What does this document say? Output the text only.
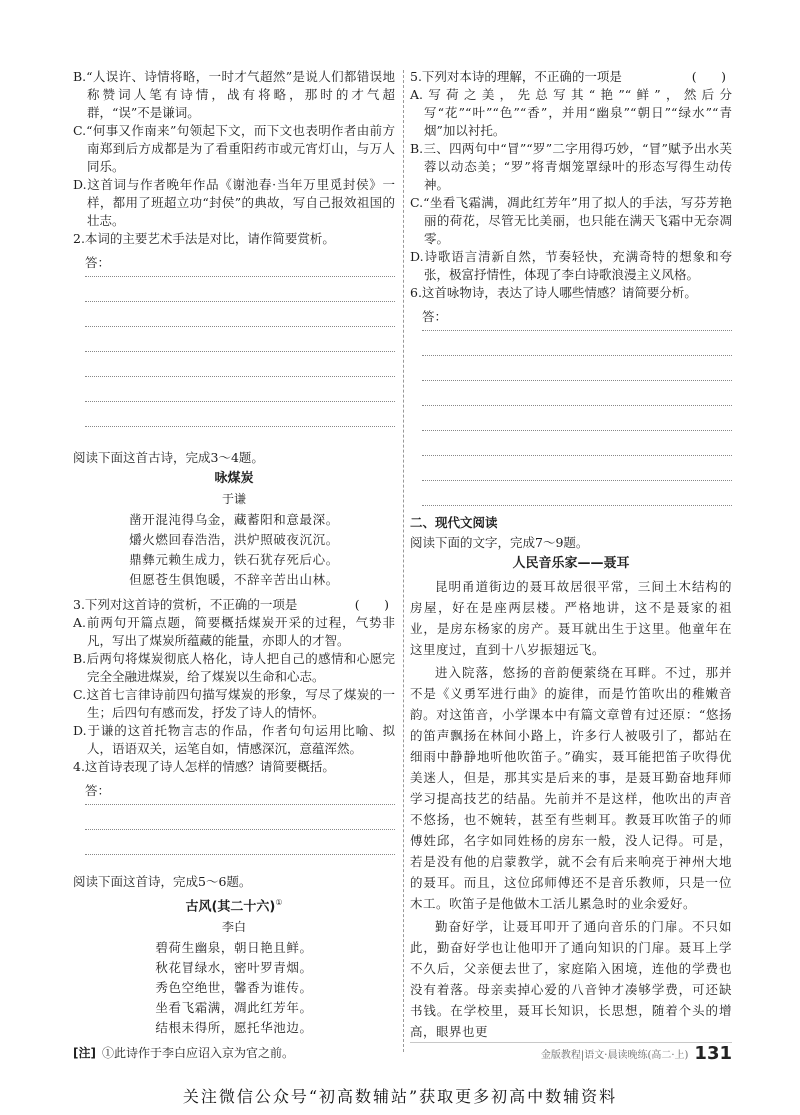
B.“人误许、诗情将略，一时才气超然”是说人们都错误地称赞词人笔有诗情，战有将略，那时的才气超群，“误”不是谦词。

C.“何事又作南来”句领起下文，而下文也表明作者由前方南郑到后方成都是为了看重阳药市或元宵灯山，与万人同乐。

D.这首词与作者晚年作品《谢池春·当年万里觅封侯》一样，都用了班超立功“封侯”的典故，写自己报效祖国的壮志。

2.本词的主要艺术手法是对比，请作简要赏析。

答：

阅读下面这首古诗，完成3～4题。

咏煤炭
于谦
凿开混沌得乌金，藏蓄阳和意最深。
爝火燃回春浩浩，洪炉照破夜沉沉。
鼎彝元赖生成力，铁石犹存死后心。
但愿苍生俱饱暖，不辞辛苦出山林。

3.下列对这首诗的赏析，不正确的一项是	(　)

A.前两句开篇点题，简要概括煤炭开采的过程，气势非凡，写出了煤炭所蕴藏的能量，亦即人的才智。

B.后两句将煤炭彻底人格化，诗人把自己的感情和心愿完完全全融进煤炭，给了煤炭以生命和心志。

C.这首七言律诗前四句描写煤炭的形象，写尽了煤炭的一生；后四句有感而发，抒发了诗人的情怀。

D.于谦的这首托物言志的作品，作者句句运用比喻、拟人，语语双关，运笔自如，情感深沉，意蕴浑然。

4.这首诗表现了诗人怎样的情感？请简要概括。

答：

阅读下面这首诗，完成5～6题。

古风(其二十六)①
李白
碧荷生幽泉，朝日艳且鲜。
秋花冒绿水，密叶罗青烟。
秀色空绝世，馨香为谁传。
坐看飞霜满，凋此红芳年。
结根未得所，愿托华池边。

[注] ①此诗作于李白应诏入京为官之前。

5.下列对本诗的理解，不正确的一项是	(　)

A.写荷之美，先总写其“艳”“鲜”，然后分写“花”“叶”“色”“香”，并用“幽泉”“朝日”“绿水”“青烟”加以衬托。

B.三、四两句中“冒”“罗”二字用得巧妙，“冒”赋予出水芙蓉以动态美；“罗”将青烟笼罩绿叶的形态写得生动传神。

C.“坐看飞霜满，凋此红芳年”用了拟人的手法，写芬芳艳丽的荷花，尽管无比美丽，也只能在满天飞霜中无奈凋零。

D.诗歌语言清新自然，节奏轻快，充满奇特的想象和夸张，极富抒情性，体现了李白诗歌浪漫主义风格。

6.这首咏物诗，表达了诗人哪些情感？请简要分析。

答：
二、现代文阅读

阅读下面的文字，完成7～9题。

人民音乐家——聂耳

昆明甬道街边的聂耳故居很平常，三间土木结构的房屋，好在是座两层楼。严格地讲，这不是聂家的祖业，是房东杨家的房产。聂耳就出生于这里。他童年在这里度过，直到十八岁振翅远飞。

进入院落，悠扬的音韵便萦绕在耳畔。不过，那并不是《义勇军进行曲》的旋律，而是竹笛吹出的稚嫩音韵。对这笛音，小学课本中有篇文章曾有过还原：“悠扬的笛声飘扬在林间小路上，许多行人被吸引了，都站在细雨中静静地听他吹笛子。”确实，聂耳能把笛子吹得优美迷人，但是，那其实是后来的事，是聂耳勤奋地拜师学习提高技艺的结晶。先前并不是这样，他吹出的声音不悠扬，也不婉转，甚至有些刺耳。教聂耳吹笛子的师傅姓邱，名字如同姓杨的房东一般，没人记得。可是，若是没有他的启蒙教学，就不会有后来响亮于神州大地的聂耳。而且，这位邱师傅还不是音乐教师，只是一位木工。吹笛子是他做木工活儿累急时的业余爱好。

勤奋好学，让聂耳叩开了通向音乐的门扉。不只如此，勤奋好学也让他叩开了通向知识的门扉。聂耳上学不久后，父亲便去世了，家庭陷入困境，连他的学费也没有着落。母亲卖掉心爱的八音钟才凑够学费，可还缺书钱。在学校里，聂耳长知识，长思想，随着个头的增高，眼界也更

金版教程|语文·晨读晚练(高二·上) 131
关注微信公众号“初高数辅站”获取更多初高中数辅资料
